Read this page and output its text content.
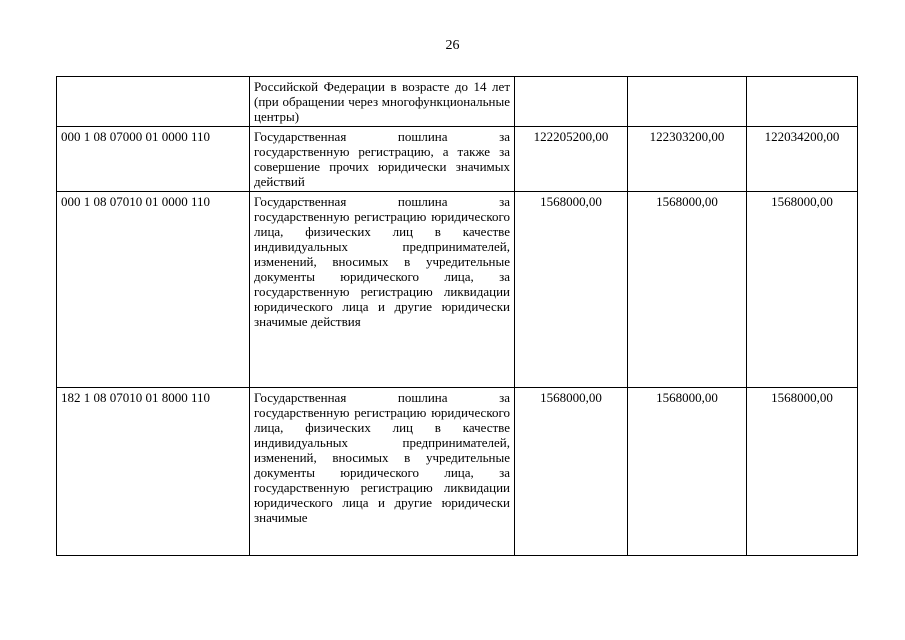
26
	Российской Федерации в возрасте до 14 лет (при обращении через многофункциональные центры)			
000 1 08 07000 01 0000 110	Государственная пошлина за государственную регистрацию, а также за совершение прочих юридически значимых действий	122205200,00	122303200,00	122034200,00
000 1 08 07010 01 0000 110	Государственная пошлина за государственную регистрацию юридического лица, физических лиц в качестве индивидуальных предпринимателей, изменений, вносимых в учредительные документы юридического лица, за государственную регистрацию ликвидации юридического лица и другие юридически значимые действия	1568000,00	1568000,00	1568000,00
182 1 08 07010 01 8000 110	Государственная пошлина за государственную регистрацию юридического лица, физических лиц в качестве индивидуальных предпринимателей, изменений, вносимых в учредительные документы юридического лица, за государственную регистрацию ликвидации юридического лица и другие юридически значимые	1568000,00	1568000,00	1568000,00
